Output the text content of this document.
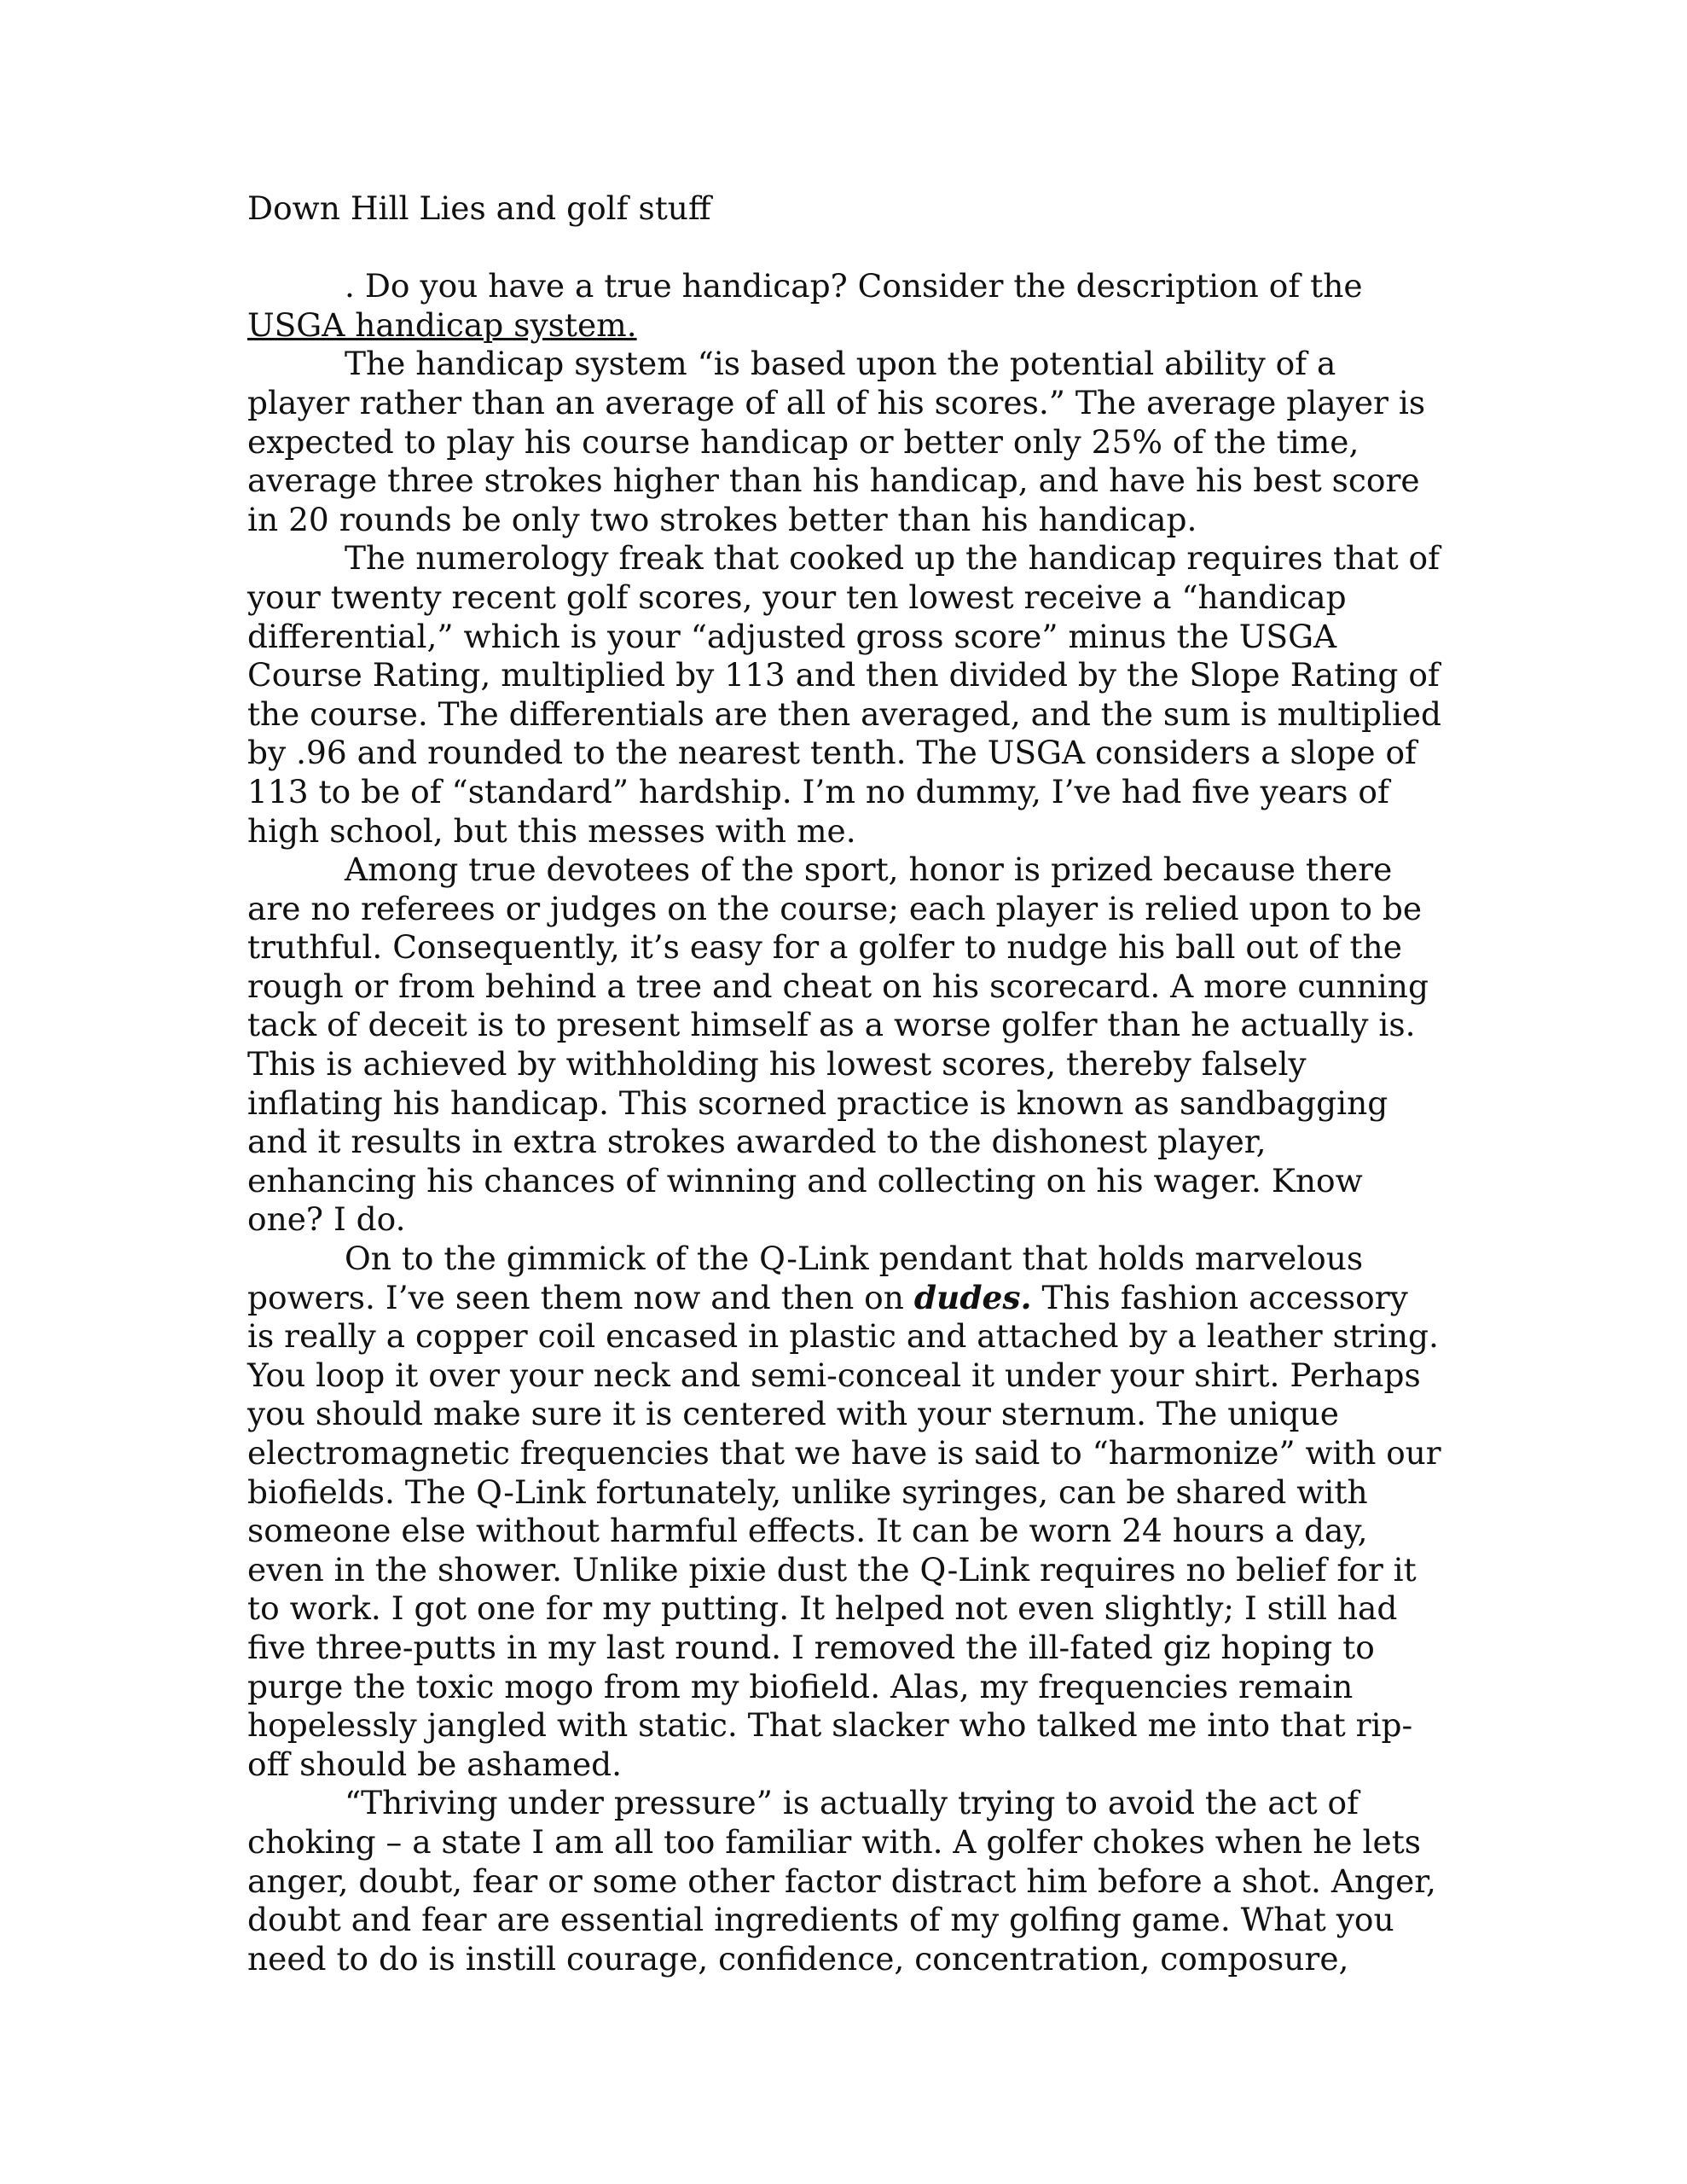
Down Hill Lies and golf stuff
. Do you have a true handicap? Consider the description of the
USGA handicap system.
The handicap system “is based upon the potential ability of a
player rather than an average of all of his scores.” The average player is
expected to play his course handicap or better only 25% of the time,
average three strokes higher than his handicap, and have his best score
in 20 rounds be only two strokes better than his handicap.
The numerology freak that cooked up the handicap requires that of
your twenty recent golf scores, your ten lowest receive a “handicap
differential,” which is your “adjusted gross score” minus the USGA
Course Rating, multiplied by 113 and then divided by the Slope Rating of
the course. The differentials are then averaged, and the sum is multiplied
by .96 and rounded to the nearest tenth. The USGA considers a slope of
113 to be of “standard” hardship. I’m no dummy, I’ve had five years of
high school, but this messes with me.
Among true devotees of the sport, honor is prized because there
are no referees or judges on the course; each player is relied upon to be
truthful. Consequently, it’s easy for a golfer to nudge his ball out of the
rough or from behind a tree and cheat on his scorecard. A more cunning
tack of deceit is to present himself as a worse golfer than he actually is.
This is achieved by withholding his lowest scores, thereby falsely
inflating his handicap. This scorned practice is known as sandbagging
and it results in extra strokes awarded to the dishonest player,
enhancing his chances of winning and collecting on his wager. Know
one? I do.
On to the gimmick of the Q-Link pendant that holds marvelous
powers. I’ve seen them now and then on dudes. This fashion accessory
is really a copper coil encased in plastic and attached by a leather string.
You loop it over your neck and semi-conceal it under your shirt. Perhaps
you should make sure it is centered with your sternum. The unique
electromagnetic frequencies that we have is said to “harmonize” with our
biofields. The Q-Link fortunately, unlike syringes, can be shared with
someone else without harmful effects. It can be worn 24 hours a day,
even in the shower. Unlike pixie dust the Q-Link requires no belief for it
to work. I got one for my putting. It helped not even slightly; I still had
five three-putts in my last round. I removed the ill-fated giz hoping to
purge the toxic mogo from my biofield. Alas, my frequencies remain
hopelessly jangled with static. That slacker who talked me into that rip-
off should be ashamed.
“Thriving under pressure” is actually trying to avoid the act of
choking – a state I am all too familiar with. A golfer chokes when he lets
anger, doubt, fear or some other factor distract him before a shot. Anger,
doubt and fear are essential ingredients of my golfing game. What you
need to do is instill courage, confidence, concentration, composure,
